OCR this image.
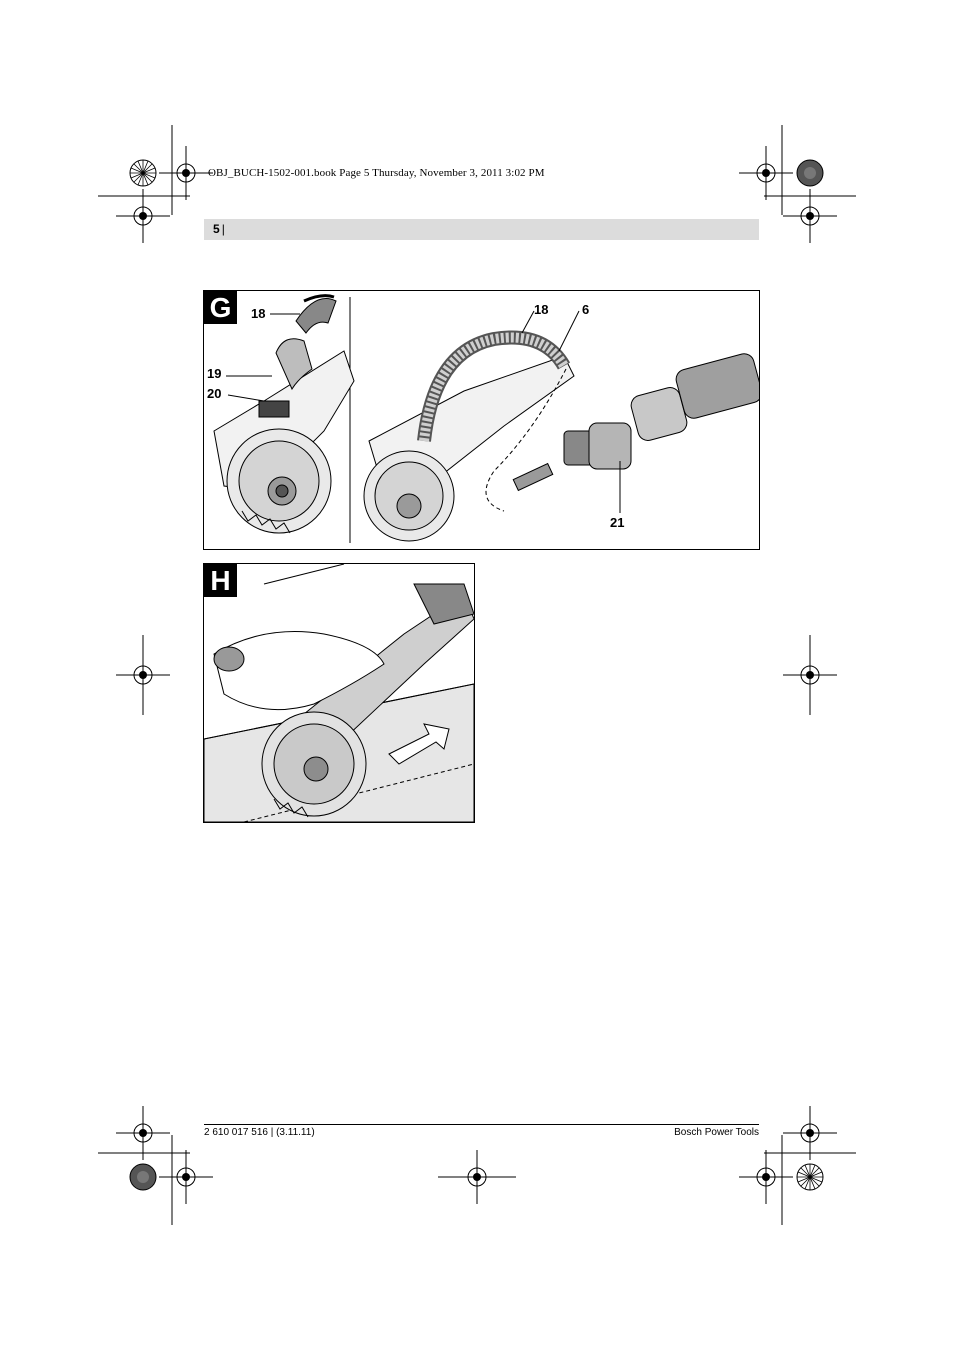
OBJ_BUCH-1502-001.book Page 5 Thursday, November 3, 2011 3:02 PM
5 |
G	18
19
20
18	6
21
H
2 610 017 516 | (3.11.11)	Bosch Power Tools
